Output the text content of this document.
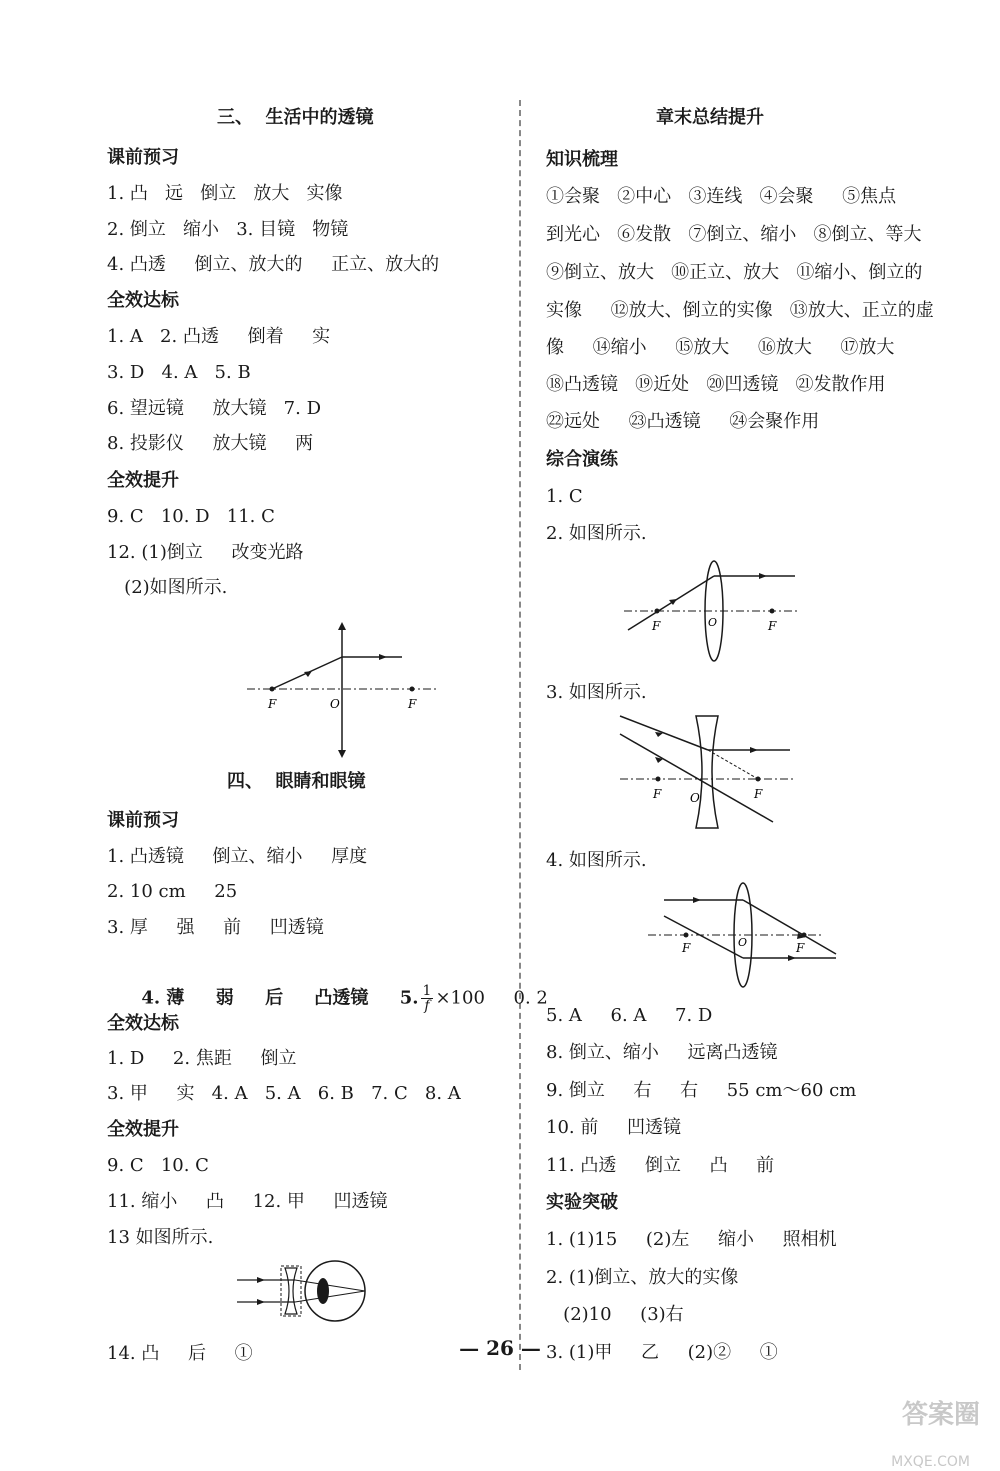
三、  生活中的透镜
课前预习
1. 凸   远   倒立   放大   实像
2. 倒立   缩小   3. 目镜   物镜
4. 凸透     倒立、放大的     正立、放大的
全效达标
1. A   2. 凸透     倒着     实
3. D   4. A   5. B
6. 望远镜     放大镜   7. D
8. 投影仪     放大镜     两
全效提升
9. C   10. D   11. C
12. (1)倒立     改变光路
(2)如图所示.
F	O	F
四、  眼睛和眼镜
课前预习
1. 凸透镜     倒立、缩小     厚度
2. 10 cm     25
3. 厚     强     前     凹透镜
全效达标
1. D     2. 焦距     倒立
3. 甲     实   4. A   5. A   6. B   7. C   8. A
全效提升
9. C   10. C
11. 缩小     凸     12. 甲     凹透镜
13 如图所示.
14. 凸     后     ①

4. 薄     弱     后     凸透镜     5. $\frac{1}{f} \times 100$     0. 2

章末总结提升
知识梳理
①会聚   ②中心   ③连线   ④会聚     ⑤焦点
到光心   ⑥发散   ⑦倒立、缩小   ⑧倒立、等大
⑨倒立、放大   ⑩正立、放大   ⑪缩小、倒立的
实像     ⑫放大、倒立的实像   ⑬放大、正立的虚
像     ⑭缩小     ⑮放大     ⑯放大     ⑰放大
⑱凸透镜   ⑲近处   ⑳凹透镜   ㉑发散作用
㉒远处     ㉓凸透镜     ㉔会聚作用
综合演练
1. C
2. 如图所示.
3. 如图所示.
4. 如图所示.
5. A     6. A     7. D
8. 倒立、缩小     远离凸透镜
9. 倒立     右     右     55 cm～60 cm
10. 前     凹透镜
11. 凸透     倒立     凸     前
实验突破
1. (1)15     (2)左     缩小     照相机
2. (1)倒立、放大的实像
(2)10     (3)右
3. (1)甲     乙     (2)②     ①
F	O	F
F O	F
F	O	F
— 26 —
答案圈
MXQE.COM
